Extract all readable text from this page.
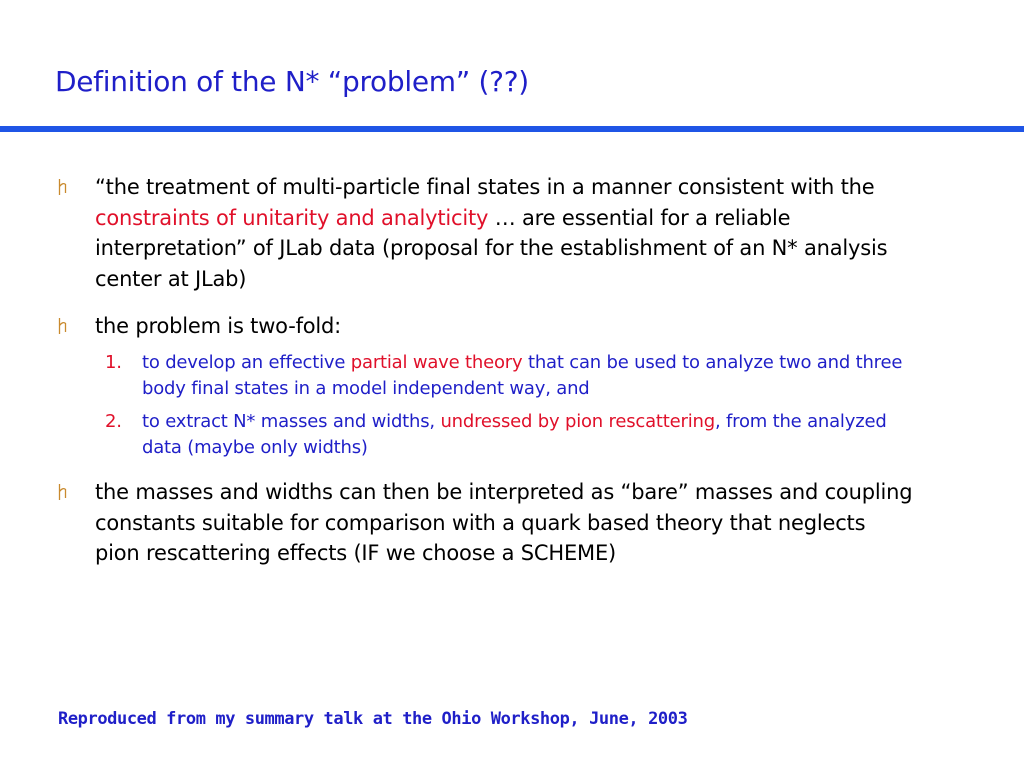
Definition of the N* “problem” (??)
“the treatment of multi-particle final states in a manner consistent with the constraints of unitarity and analyticity … are essential for a reliable interpretation” of JLab data (proposal for the establishment of an N* analysis center at JLab)
the problem is two-fold:
1. to develop an effective partial wave theory that can be used to analyze two and three body final states in a model independent way, and
2. to extract N* masses and widths, undressed by pion rescattering, from the analyzed data (maybe only widths)
the masses and widths can then be interpreted as “bare” masses and coupling constants suitable for comparison with a quark based theory that neglects pion rescattering effects (IF we choose a SCHEME)
Reproduced from my summary talk at the Ohio Workshop, June, 2003
